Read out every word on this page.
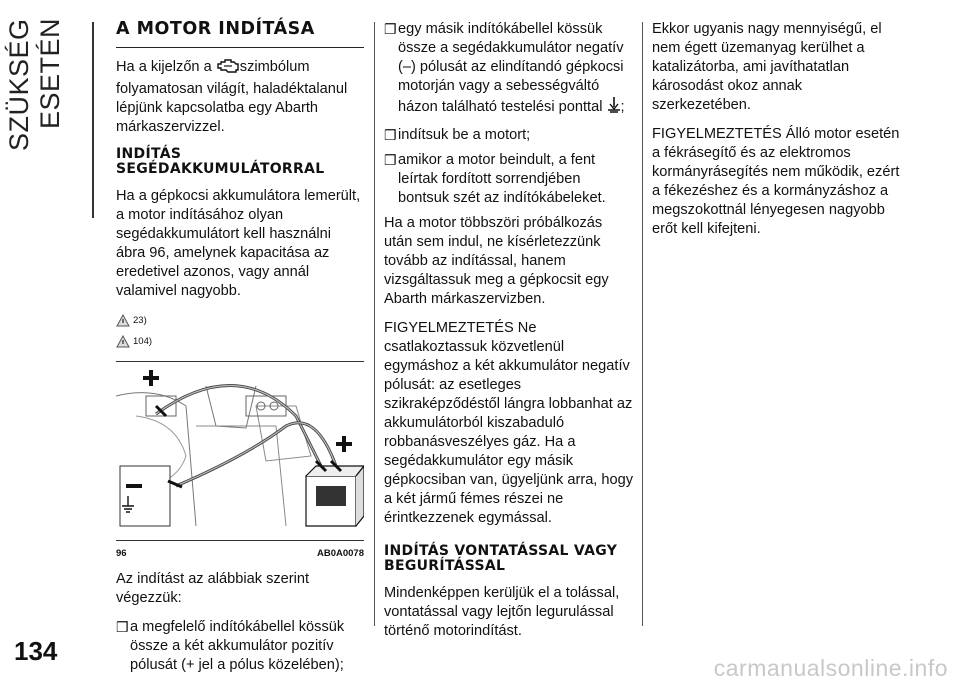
SZÜKSÉG ESETÉN	A MOTOR INDÍTÁSA

Ha a kijelzőn a szimbólum folyamatosan világít, haladéktalanul lépjünk kapcsolatba egy Abarth márkaszervizzel.

INDÍTÁS SEGÉDAKKUMULÁTORRAL

Ha a gépkocsi akkumulátora lemerült, a motor indításához olyan segédakkumulátort kell használni ábra 96, amelynek kapacitása az eredetivel azonos, vagy annál valamivel nagyobb.

23)
104)
96	AB0A0078

Az indítást az alábbiak szerint végezzük:

❒ a megfelelő indítókábellel kössük össze a két akkumulátor pozitív pólusát (+ jel a pólus közelében);
❒ egy másik indítókábellel kössük össze a segédakkumulátor negatív (–) pólusát az elindítandó gépkocsi motorján vagy a sebességváltó házon található testelési ponttal ;
❒ indítsuk be a motort;
❒ amikor a motor beindult, a fent leírtak fordított sorrendjében bontsuk szét az indítókábeleket.

Ha a motor többszöri próbálkozás után sem indul, ne kísérletezzünk tovább az indítással, hanem vizsgáltassuk meg a gépkocsit egy Abarth márkaszervizben.

FIGYELMEZTETÉS Ne csatlakoztassuk közvetlenül egymáshoz a két akkumulátor negatív pólusát: az esetleges szikraképződéstől lángra lobbanhat az akkumulátorból kiszabaduló robbanásveszélyes gáz. Ha a segédakkumulátor egy másik gépkocsiban van, ügyeljünk arra, hogy a két jármű fémes részei ne érintkezzenek egymással.

INDÍTÁS VONTATÁSSAL VAGY BEGURÍTÁSSAL

Mindenképpen kerüljük el a tolással, vontatással vagy lejtőn legurulással történő motorindítást.

Ekkor ugyanis nagy mennyiségű, el nem égett üzemanyag kerülhet a katalizátorba, ami javíthatatlan károsodást okoz annak szerkezetében.

FIGYELMEZTETÉS Álló motor esetén a fékrásegítő és az elektromos kormányrásegítés nem működik, ezért a fékezéshez és a kormányzáshoz a megszokottnál lényegesen nagyobb erőt kell kifejteni.

134
carmanualsonline.info
